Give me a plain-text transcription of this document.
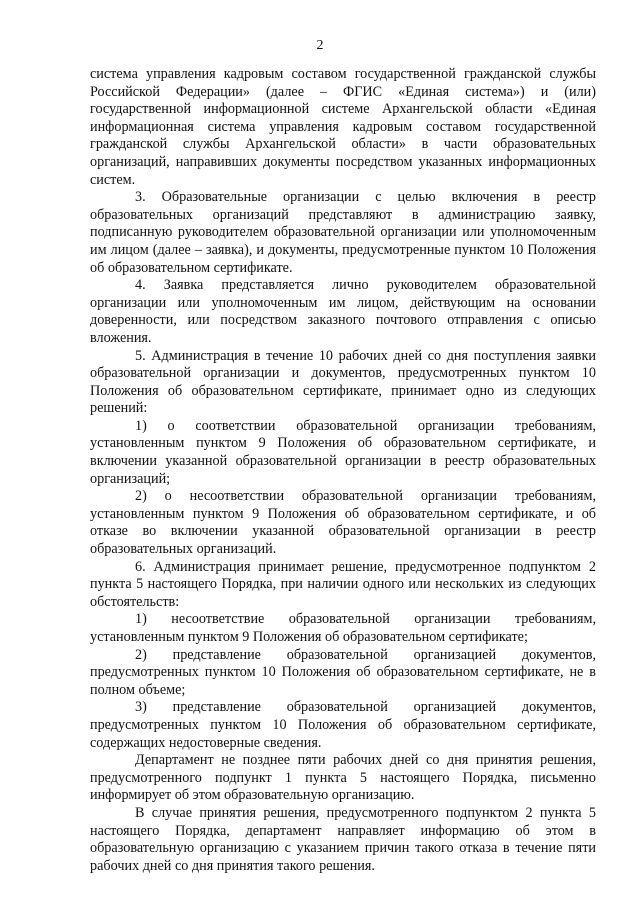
2

система управления кадровым составом государственной гражданской службы Российской Федерации» (далее – ФГИС «Единая система») и (или) государственной информационной системе Архангельской области «Единая информационная система управления кадровым составом государственной гражданской службы Архангельской области» в части образовательных организаций, направивших документы посредством указанных информационных систем.

3. Образовательные организации с целью включения в реестр образовательных организаций представляют в администрацию заявку, подписанную руководителем образовательной организации или уполномоченным им лицом (далее – заявка), и документы, предусмотренные пунктом 10 Положения об образовательном сертификате.

4. Заявка представляется лично руководителем образовательной организации или уполномоченным им лицом, действующим на основании доверенности, или посредством заказного почтового отправления с описью вложения.

5. Администрация в течение 10 рабочих дней со дня поступления заявки образовательной организации и документов, предусмотренных пунктом 10 Положения об образовательном сертификате, принимает одно из следующих решений:

1) о соответствии образовательной организации требованиям, установленным пунктом 9 Положения об образовательном сертификате, и включении указанной образовательной организации в реестр образовательных организаций;

2) о несоответствии образовательной организации требованиям, установленным пунктом 9 Положения об образовательном сертификате, и об отказе во включении указанной образовательной организации в реестр образовательных организаций.

6. Администрация принимает решение, предусмотренное подпунктом 2 пункта 5 настоящего Порядка, при наличии одного или нескольких из следующих обстоятельств:

1) несоответствие образовательной организации требованиям, установленным пунктом 9 Положения об образовательном сертификате;

2) представление образовательной организацией документов, предусмотренных пунктом 10 Положения об образовательном сертификате, не в полном объеме;

3) представление образовательной организацией документов, предусмотренных пунктом 10 Положения об образовательном сертификате, содержащих недостоверные сведения.

Департамент не позднее пяти рабочих дней со дня принятия решения, предусмотренного подпункт 1 пункта 5 настоящего Порядка, письменно информирует об этом образовательную организацию.

В случае принятия решения, предусмотренного подпунктом 2 пункта 5 настоящего Порядка, департамент направляет информацию об этом в образовательную организацию с указанием причин такого отказа в течение пяти рабочих дней со дня принятия такого решения.
